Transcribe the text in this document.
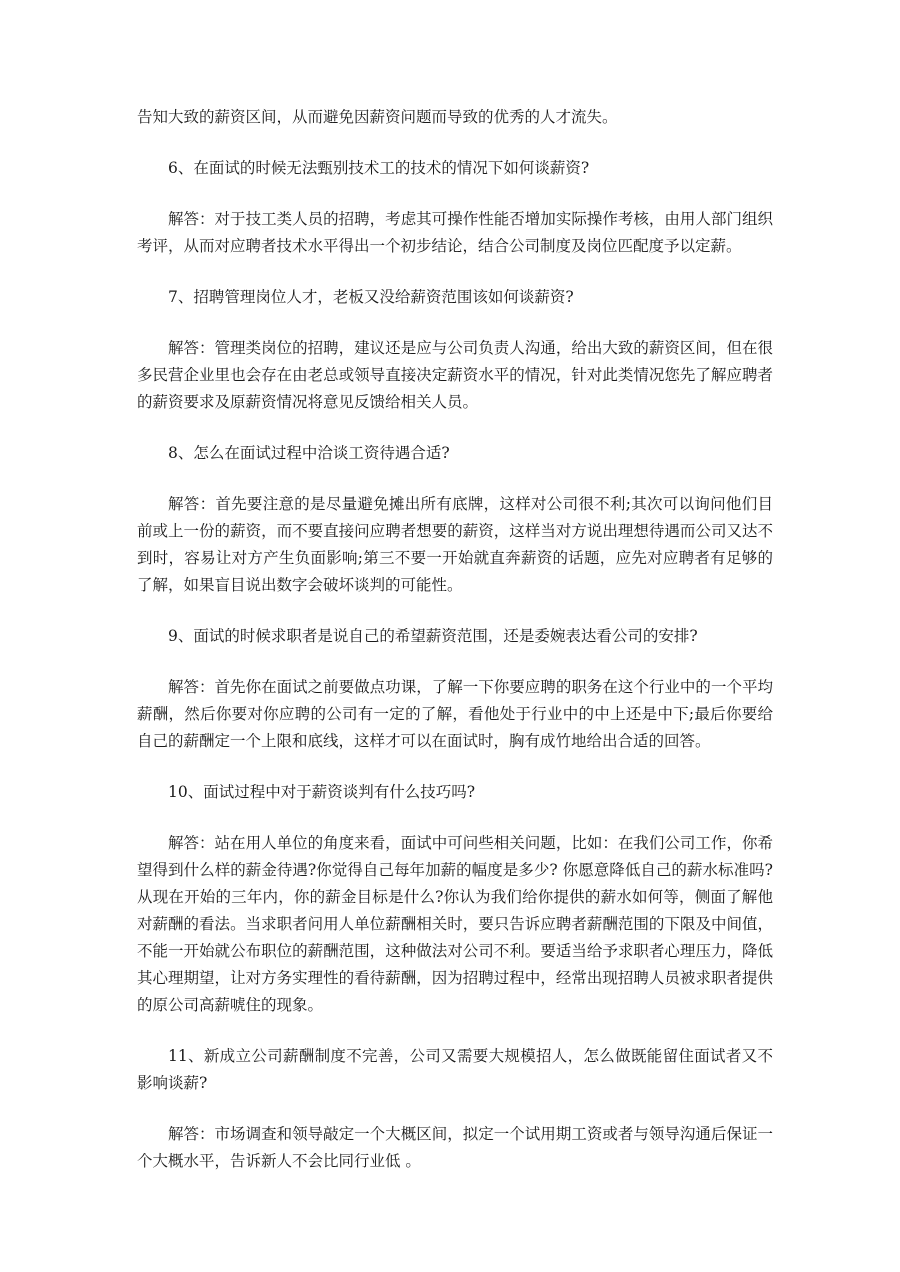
告知大致的薪资区间，从而避免因薪资问题而导致的优秀的人才流失。

6、在面试的时候无法甄别技术工的技术的情况下如何谈薪资?

解答：对于技工类人员的招聘，考虑其可操作性能否增加实际操作考核，由用人部门组织考评，从而对应聘者技术水平得出一个初步结论，结合公司制度及岗位匹配度予以定薪。

7、招聘管理岗位人才，老板又没给薪资范围该如何谈薪资?

解答：管理类岗位的招聘，建议还是应与公司负责人沟通，给出大致的薪资区间，但在很多民营企业里也会存在由老总或领导直接决定薪资水平的情况，针对此类情况您先了解应聘者的薪资要求及原薪资情况将意见反馈给相关人员。

8、怎么在面试过程中洽谈工资待遇合适?

解答：首先要注意的是尽量避免摊出所有底牌，这样对公司很不利;其次可以询问他们目前或上一份的薪资，而不要直接问应聘者想要的薪资，这样当对方说出理想待遇而公司又达不到时，容易让对方产生负面影响;第三不要一开始就直奔薪资的话题，应先对应聘者有足够的了解，如果盲目说出数字会破坏谈判的可能性。

9、面试的时候求职者是说自己的希望薪资范围，还是委婉表达看公司的安排?

解答：首先你在面试之前要做点功课，了解一下你要应聘的职务在这个行业中的一个平均薪酬，然后你要对你应聘的公司有一定的了解，看他处于行业中的中上还是中下;最后你要给自己的薪酬定一个上限和底线，这样才可以在面试时，胸有成竹地给出合适的回答。

10、面试过程中对于薪资谈判有什么技巧吗?

解答：站在用人单位的角度来看，面试中可问些相关问题，比如：在我们公司工作，你希望得到什么样的薪金待遇?你觉得自己每年加薪的幅度是多少? 你愿意降低自己的薪水标准吗?从现在开始的三年内，你的薪金目标是什么?你认为我们给你提供的薪水如何等，侧面了解他对薪酬的看法。当求职者问用人单位薪酬相关时，要只告诉应聘者薪酬范围的下限及中间值，不能一开始就公布职位的薪酬范围，这种做法对公司不利。要适当给予求职者心理压力，降低其心理期望，让对方务实理性的看待薪酬，因为招聘过程中，经常出现招聘人员被求职者提供的原公司高薪唬住的现象。

11、新成立公司薪酬制度不完善，公司又需要大规模招人，怎么做既能留住面试者又不影响谈薪?

解答：市场调查和领导敲定一个大概区间，拟定一个试用期工资或者与领导沟通后保证一个大概水平，告诉新人不会比同行业低 。
